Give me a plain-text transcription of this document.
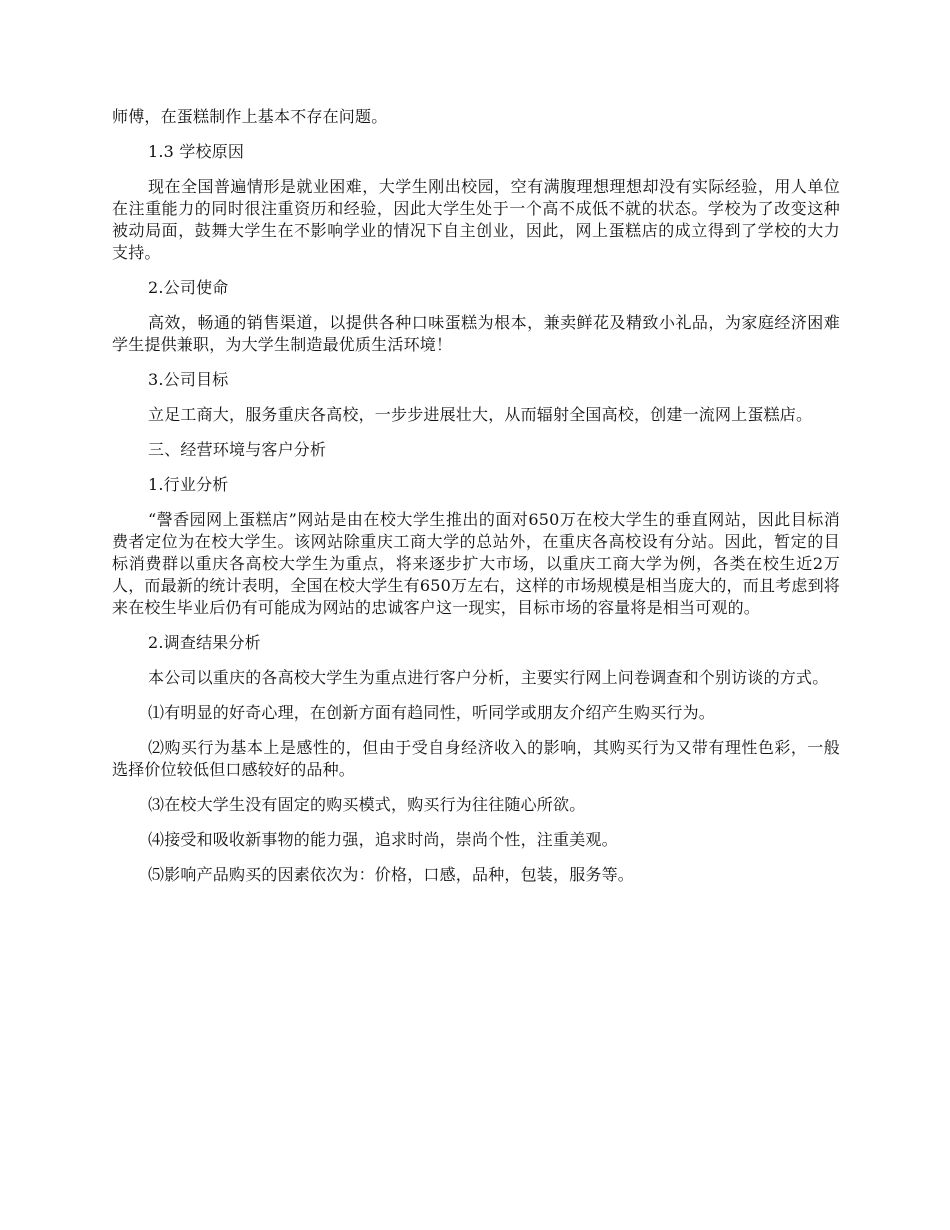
师傅，在蛋糕制作上基本不存在问题。

1.3 学校原因

现在全国普遍情形是就业困难，大学生刚出校园，空有满腹理想理想却没有实际经验，用人单位在注重能力的同时很注重资历和经验，因此大学生处于一个高不成低不就的状态。学校为了改变这种被动局面，鼓舞大学生在不影响学业的情况下自主创业，因此，网上蛋糕店的成立得到了学校的大力支持。

2.公司使命

高效，畅通的销售渠道，以提供各种口味蛋糕为根本，兼卖鲜花及精致小礼品，为家庭经济困难学生提供兼职，为大学生制造最优质生活环境！

3.公司目标

立足工商大，服务重庆各高校，一步步进展壮大，从而辐射全国高校，创建一流网上蛋糕店。

三、经营环境与客户分析

1.行业分析

“謦香园网上蛋糕店”网站是由在校大学生推出的面对650万在校大学生的垂直网站，因此目标消费者定位为在校大学生。该网站除重庆工商大学的总站外，在重庆各高校设有分站。因此，暂定的目标消费群以重庆各高校大学生为重点，将来逐步扩大市场，以重庆工商大学为例，各类在校生近2万人，而最新的统计表明，全国在校大学生有650万左右，这样的市场规模是相当庞大的，而且考虑到将来在校生毕业后仍有可能成为网站的忠诚客户这一现实，目标市场的容量将是相当可观的。

2.调查结果分析

本公司以重庆的各高校大学生为重点进行客户分析，主要实行网上问卷调查和个别访谈的方式。

⑴有明显的好奇心理，在创新方面有趋同性，听同学或朋友介绍产生购买行为。

⑵购买行为基本上是感性的，但由于受自身经济收入的影响，其购买行为又带有理性色彩，一般选择价位较低但口感较好的品种。

⑶在校大学生没有固定的购买模式，购买行为往往随心所欲。

⑷接受和吸收新事物的能力强，追求时尚，崇尚个性，注重美观。

⑸影响产品购买的因素依次为：价格，口感，品种，包装，服务等。
